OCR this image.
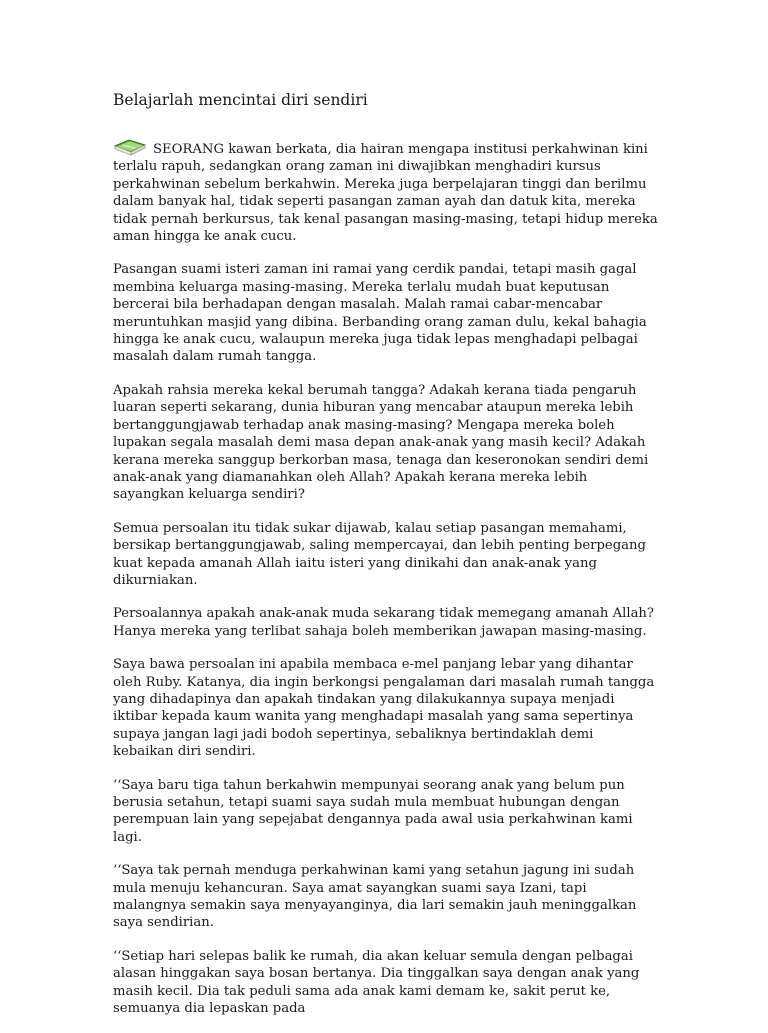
Belajarlah mencintai diri sendiri

SEORANG kawan berkata, dia hairan mengapa institusi perkahwinan kini terlalu rapuh, sedangkan orang zaman ini diwajibkan menghadiri kursus perkahwinan sebelum berkahwin. Mereka juga berpelajaran tinggi dan berilmu dalam banyak hal, tidak seperti pasangan zaman ayah dan datuk kita, mereka tidak pernah berkursus, tak kenal pasangan masing-masing, tetapi hidup mereka aman hingga ke anak cucu.

Pasangan suami isteri zaman ini ramai yang cerdik pandai, tetapi masih gagal membina keluarga masing-masing. Mereka terlalu mudah buat keputusan bercerai bila berhadapan dengan masalah. Malah ramai cabar-mencabar meruntuhkan masjid yang dibina. Berbanding orang zaman dulu, kekal bahagia hingga ke anak cucu, walaupun mereka juga tidak lepas menghadapi pelbagai masalah dalam rumah tangga.

Apakah rahsia mereka kekal berumah tangga? Adakah kerana tiada pengaruh luaran seperti sekarang, dunia hiburan yang mencabar ataupun mereka lebih bertanggungjawab terhadap anak masing-masing? Mengapa mereka boleh lupakan segala masalah demi masa depan anak-anak yang masih kecil? Adakah kerana mereka sanggup berkorban masa, tenaga dan keseronokan sendiri demi anak-anak yang diamanahkan oleh Allah? Apakah kerana mereka lebih sayangkan keluarga sendiri?

Semua persoalan itu tidak sukar dijawab, kalau setiap pasangan memahami, bersikap bertanggungjawab, saling mempercayai, dan lebih penting berpegang kuat kepada amanah Allah iaitu isteri yang dinikahi dan anak-anak yang dikurniakan.

Persoalannya apakah anak-anak muda sekarang tidak memegang amanah Allah? Hanya mereka yang terlibat sahaja boleh memberikan jawapan masing-masing.

Saya bawa persoalan ini apabila membaca e-mel panjang lebar yang dihantar oleh Ruby. Katanya, dia ingin berkongsi pengalaman dari masalah rumah tangga yang dihadapinya dan apakah tindakan yang dilakukannya supaya menjadi iktibar kepada kaum wanita yang menghadapi masalah yang sama sepertinya supaya jangan lagi jadi bodoh sepertinya, sebaliknya bertindaklah demi kebaikan diri sendiri.

‘‘Saya baru tiga tahun berkahwin mempunyai seorang anak yang belum pun berusia setahun, tetapi suami saya sudah mula membuat hubungan dengan perempuan lain yang sepejabat dengannya pada awal usia perkahwinan kami lagi.

‘‘Saya tak pernah menduga perkahwinan kami yang setahun jagung ini sudah mula menuju kehancuran. Saya amat sayangkan suami saya Izani, tapi malangnya semakin saya menyayanginya, dia lari semakin jauh meninggalkan saya sendirian.

‘‘Setiap hari selepas balik ke rumah, dia akan keluar semula dengan pelbagai alasan hinggakan saya bosan bertanya. Dia tinggalkan saya dengan anak yang masih kecil. Dia tak peduli sama ada anak kami demam ke, sakit perut ke, semuanya dia lepaskan pada
